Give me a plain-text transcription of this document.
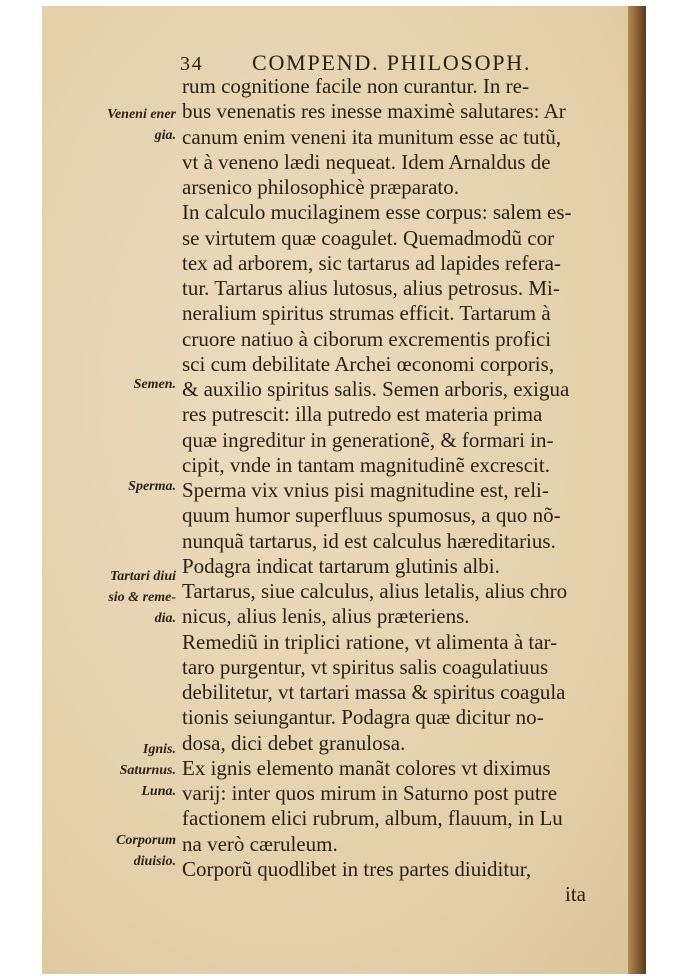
34 COMPEND. PHILOSOPH.
rum cognitione facile non curantur. In re-
bus venenatis res inesse maximè salutares: Ar
canum enim veneni ita munitum esse ac tutũ,
vt à veneno lædi nequeat. Idem Arnaldus de
arsenico philosophicè præparato.
In calculo mucilaginem esse corpus: salem es-
se virtutem quæ coagulet. Quemadmodũ cor
tex ad arborem, sic tartarus ad lapides refera-
tur. Tartarus alius lutosus, alius petrosus. Mi-
neralium spiritus strumas efficit. Tartarum à
cruore natiuo à ciborum excrementis profici
sci cum debilitate Archei œconomi corporis,
& auxilio spiritus salis. Semen arboris, exigua
res putrescit: illa putredo est materia prima
quæ ingreditur in generationẽ, & formari in-
cipit, vnde in tantam magnitudinẽ excrescit.
Sperma vix vnius pisi magnitudine est, reli-
quum humor superfluus spumosus, a quo nõ-
nunquã tartarus, id est calculus hæreditarius.
Podagra indicat tartarum glutinis albi.
Tartarus, siue calculus, alius letalis, alius chro
nicus, alius lenis, alius præteriens.
Remediũ in triplici ratione, vt alimenta à tar-
taro purgentur, vt spiritus salis coagulatiuus
debilitetur, vt tartari massa & spiritus coagula
tionis seiungantur. Podagra quæ dicitur no-
dosa, dici debet granulosa.
Ex ignis elemento manãt colores vt diximus
varij: inter quos mirum in Saturno post putre
factionem elici rubrum, album, flauum, in Lu
na verò cæruleum.
Corporũ quodlibet in tres partes diuiditur,
ita
Veneni ener
gia.
Semen.
Sperma.
Tartari diui
sio & reme-
dia.
Ignis.
Saturnus.
Luna.
Corporum
diuisio.
